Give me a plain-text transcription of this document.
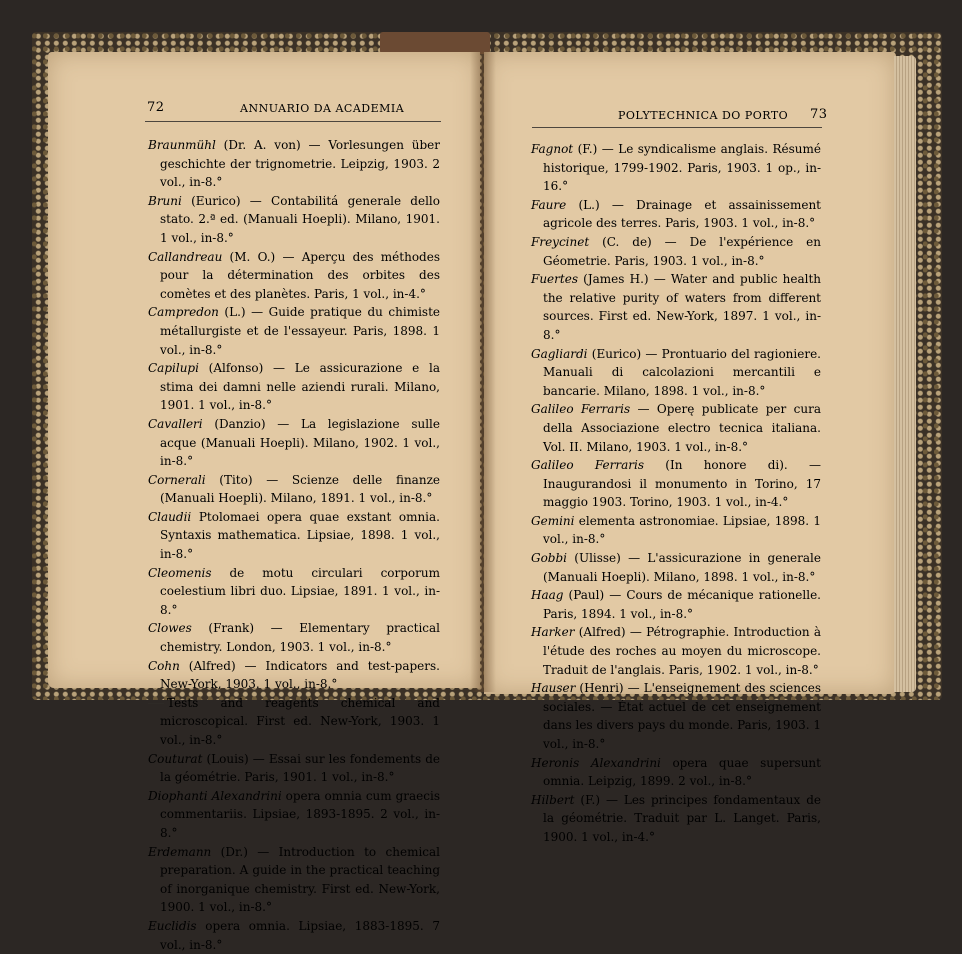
72	ANNUARIO DA ACADEMIA
POLYTECHNICA DO PORTO 73
Braunmühl (Dr. A. von) — Vorlesungen über geschichte der trignometrie. Leipzig, 1903. 2 vol., in-8.°
Bruni (Eurico) — Contabilitá generale dello stato. 2.ª ed. (Manuali Hoepli). Milano, 1901. 1 vol., in-8.°
Callandreau (M. O.) — Aperçu des méthodes pour la détermination des orbites des comètes et des planètes. Paris, 1 vol., in-4.°
Campredon (L.) — Guide pratique du chimiste métallurgiste et de l'essayeur. Paris, 1898. 1 vol., in-8.°
Capilupi (Alfonso) — Le assicurazione e la stima dei damni nelle aziendi rurali. Milano, 1901. 1 vol., in-8.°
Cavalleri (Danzio) — La legislazione sulle acque (Manuali Hoepli). Milano, 1902. 1 vol., in-8.°
Cornerali (Tito) — Scienze delle finanze (Manuali Hoepli). Milano, 1891. 1 vol., in-8.°
Claudii Ptolomaei opera quae exstant omnia. Syntaxis mathematica. Lipsiae, 1898. 1 vol., in-8.°
Cleomenis de motu circulari corporum coelestium libri duo. Lipsiae, 1891. 1 vol., in-8.°
Clowes (Frank) — Elementary practical chemistry. London, 1903. 1 vol., in-8.°
Cohn (Alfred) — Indicators and test-papers. New-York, 1903. 1 vol., in-8.°
Tests and reagents chemical and microscopical. First ed. New-York, 1903. 1 vol., in-8.°
Couturat (Louis) — Essai sur les fondements de la géométrie. Paris, 1901. 1 vol., in-8.°
Diophanti Alexandrini opera omnia cum graecis commentariis. Lipsiae, 1893-1895. 2 vol., in-8.°
Erdemann (Dr.) — Introduction to chemical preparation. A guide in the practical teaching of inorganique chemistry. First ed. New-York, 1900. 1 vol., in-8.°
Euclidis opera omnia. Lipsiae, 1883-1895. 7 vol., in-8.°
Fagnot (F.) — Le syndicalisme anglais. Résumé historique, 1799-1902. Paris, 1903. 1 op., in-16.°
Faure (L.) — Drainage et assainissement agricole des terres. Paris, 1903. 1 vol., in-8.°
Freycinet (C. de) — De l'expérience en Géometrie. Paris, 1903. 1 vol., in-8.°
Fuertes (James H.) — Water and public health the relative purity of waters from different sources. First ed. New-York, 1897. 1 vol., in-8.°
Gagliardi (Eurico) — Prontuario del ragioniere. Manuali di calcolazioni mercantili e bancarie. Milano, 1898. 1 vol., in-8.°
Galileo Ferraris — Operę publicate per cura della Associazione electro tecnica italiana. Vol. II. Milano, 1903. 1 vol., in-8.°
Galileo Ferraris (In honore di). — Inaugurandosi il monumento in Torino, 17 maggio 1903. Torino, 1903. 1 vol., in-4.°
Gemini elementa astronomiae. Lipsiae, 1898. 1 vol., in-8.°
Gobbi (Ulisse) — L'assicurazione in generale (Manuali Hoepli). Milano, 1898. 1 vol., in-8.°
Haag (Paul) — Cours de mécanique rationelle. Paris, 1894. 1 vol., in-8.°
Harker (Alfred) — Pétrographie. Introduction à l'étude des roches au moyen du microscope. Traduit de l'anglais. Paris, 1902. 1 vol., in-8.°
Hauser (Henri) — L'enseignement des sciences sociales. — État actuel de cet enseignement dans les divers pays du monde. Paris, 1903. 1 vol., in-8.°
Heronis Alexandrini opera quae supersunt omnia. Leipzig, 1899. 2 vol., in-8.°
Hilbert (F.) — Les principes fondamentaux de la géométrie. Traduit par L. Langet. Paris, 1900. 1 vol., in-4.°
